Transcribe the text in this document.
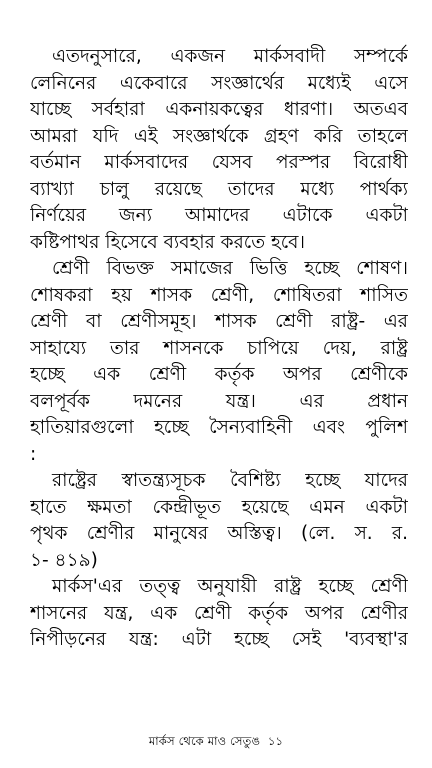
এতদনুসারে, একজন মার্কসবাদী সম্পর্কে
লেনিনের একেবারে সংজ্ঞার্থের মধ্যেই এসে
যাচ্ছে সর্বহারা একনায়কত্বের ধারণা। অতএব
আমরা যদি এই সংজ্ঞার্থকে গ্রহণ করি তাহলে
বর্তমান মার্কসবাদের যেসব পরস্পর বিরোধী
ব্যাখ্যা চালু রয়েছে তাদের মধ্যে পার্থক্য
নির্ণয়ের জন্য আমাদের এটাকে একটা
কষ্টিপাথর হিসেবে ব্যবহার করতে হবে।
শ্রেণী বিভক্ত সমাজের ভিত্তি হচ্ছে শোষণ।
শোষকরা হয় শাসক শ্রেণী, শোষিতরা শাসিত
শ্রেণী বা শ্রেণীসমূহ। শাসক শ্রেণী রাষ্ট্র- এর
সাহায্যে তার শাসনকে চাপিয়ে দেয়, রাষ্ট্র
হচ্ছে এক শ্রেণী কর্তৃক অপর শ্রেণীকে
বলপূর্বক দমনের যন্ত্র। এর প্রধান
হাতিয়ারগুলো হচ্ছে সৈন্যবাহিনী এবং পুলিশ
:
রাষ্ট্রের স্বাতন্ত্র্যসূচক বৈশিষ্ট্য হচ্ছে যাদের
হাতে ক্ষমতা কেন্দ্রীভূত হয়েছে এমন একটা
পৃথক শ্রেণীর মানুষের অস্তিত্ব। (লে. স. র.
১- ৪১৯)
মার্কস'এর তত্ত্ব অনুযায়ী রাষ্ট্র হচ্ছে শ্রেণী
শাসনের যন্ত্র, এক শ্রেণী কর্তৃক অপর শ্রেণীর
নিপীড়নের যন্ত্র: এটা হচ্ছে সেই 'ব্যবস্থা'র
মার্কস থেকে মাও সেতুঙ ১১
